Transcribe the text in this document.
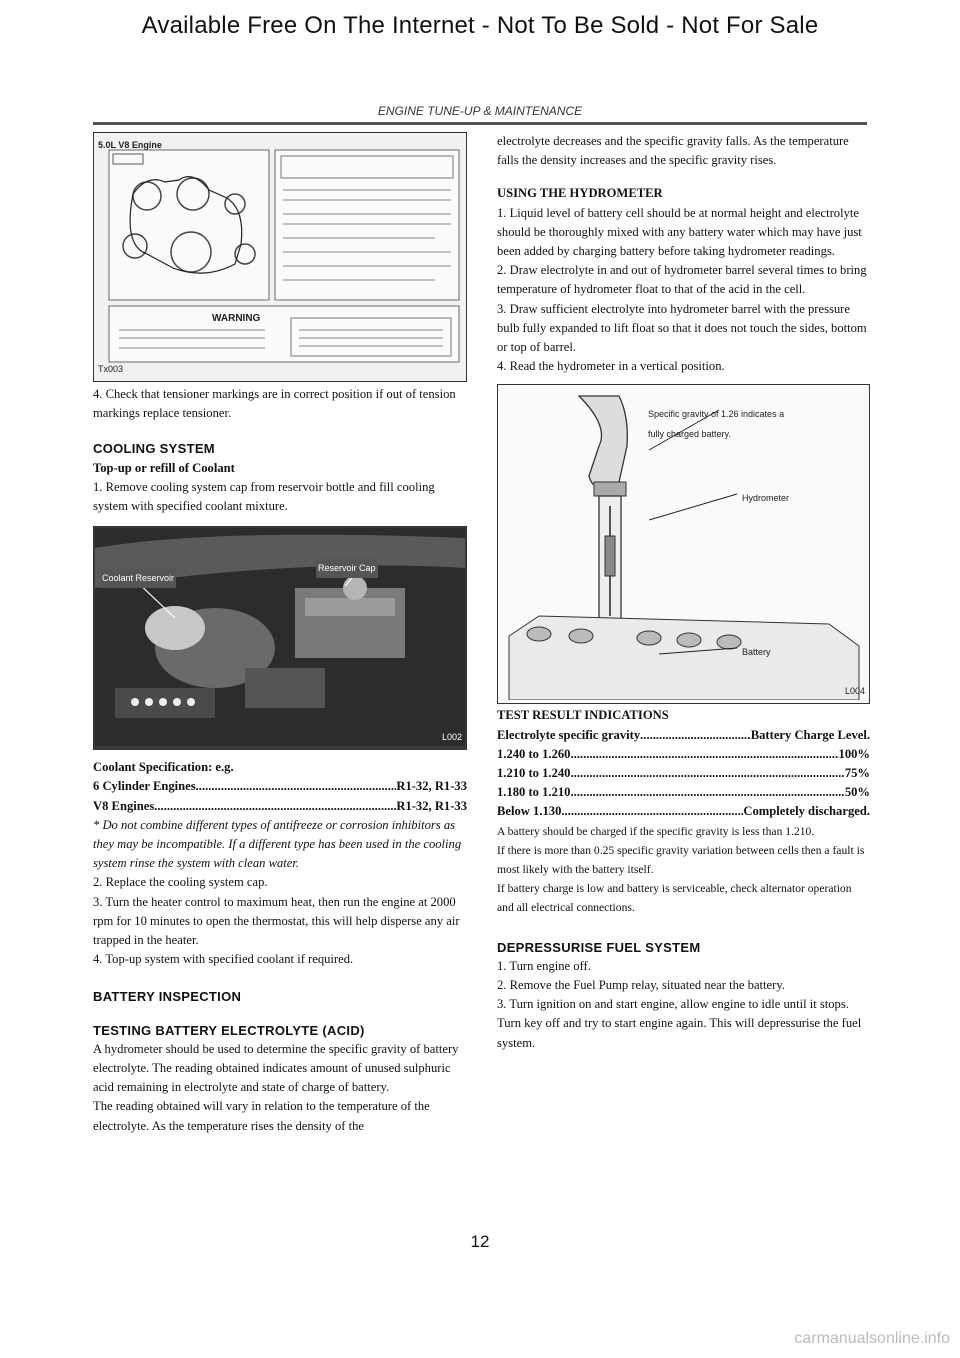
Available Free On The Internet - Not To Be Sold - Not For Sale
ENGINE TUNE-UP & MAINTENANCE
5.0L V8 Engine
WARNING
Tx003

4. Check that tensioner markings are in correct position if out of tension markings replace tensioner.

COOLING SYSTEM

Top-up or refill of Coolant

1. Remove cooling system cap from reservoir bottle and fill cooling system with specified coolant mixture.

Coolant Reservoir
Reservoir Cap
L002

Coolant Specification: e.g.

6 Cylinder Engines .....	R1-32, R1-33
V8 Engines .....	R1-32, R1-33

* Do not combine different types of antifreeze or corrosion inhibitors as they may be incompatible. If a different type has been used in the cooling system rinse the system with clean water.

2. Replace the cooling system cap.

3. Turn the heater control to maximum heat, then run the engine at 2000 rpm for 10 minutes to open the thermostat, this will help disperse any air trapped in the heater.

4. Top-up system with specified coolant if required.

BATTERY INSPECTION

TESTING BATTERY ELECTROLYTE (ACID)

A hydrometer should be used to determine the specific gravity of battery electrolyte. The reading obtained indicates amount of unused sulphuric acid remaining in electrolyte and state of charge of battery.

The reading obtained will vary in relation to the temperature of the electrolyte. As the temperature rises the density of the

electrolyte decreases and the specific gravity falls. As the temperature falls the density increases and the specific gravity rises.

USING THE HYDROMETER

1. Liquid level of battery cell should be at normal height and electrolyte should be thoroughly mixed with any battery water which may have just been added by charging battery before taking hydrometer readings.

2. Draw electrolyte in and out of hydrometer barrel several times to bring temperature of hydrometer float to that of the acid in the cell.

3. Draw sufficient electrolyte into hydrometer barrel with the pressure bulb fully expanded to lift float so that it does not touch the sides, bottom or top of barrel.

4. Read the hydrometer in a vertical position.

Specific gravity of 1.26 indicates a fully charged battery.
Hydrometer
Battery
L004

TEST RESULT INDICATIONS

Electrolyte specific gravity .....	Battery Charge Level.
1.240 to 1.260 .....	100%
1.210 to 1.240 .....	75%
1.180 to 1.210 .....	50%
Below 1.130 .....	Completely discharged.

A battery should be charged if the specific gravity is less than 1.210.

If there is more than 0.25 specific gravity variation between cells then a fault is most likely with the battery itself.

If battery charge is low and battery is serviceable, check alternator operation and all electrical connections.

DEPRESSURISE FUEL SYSTEM

1. Turn engine off.

2. Remove the Fuel Pump relay, situated near the battery.

3. Turn ignition on and start engine, allow engine to idle until it stops. Turn key off and try to start engine again. This will depressurise the fuel system.

12
carmanualsonline.info
